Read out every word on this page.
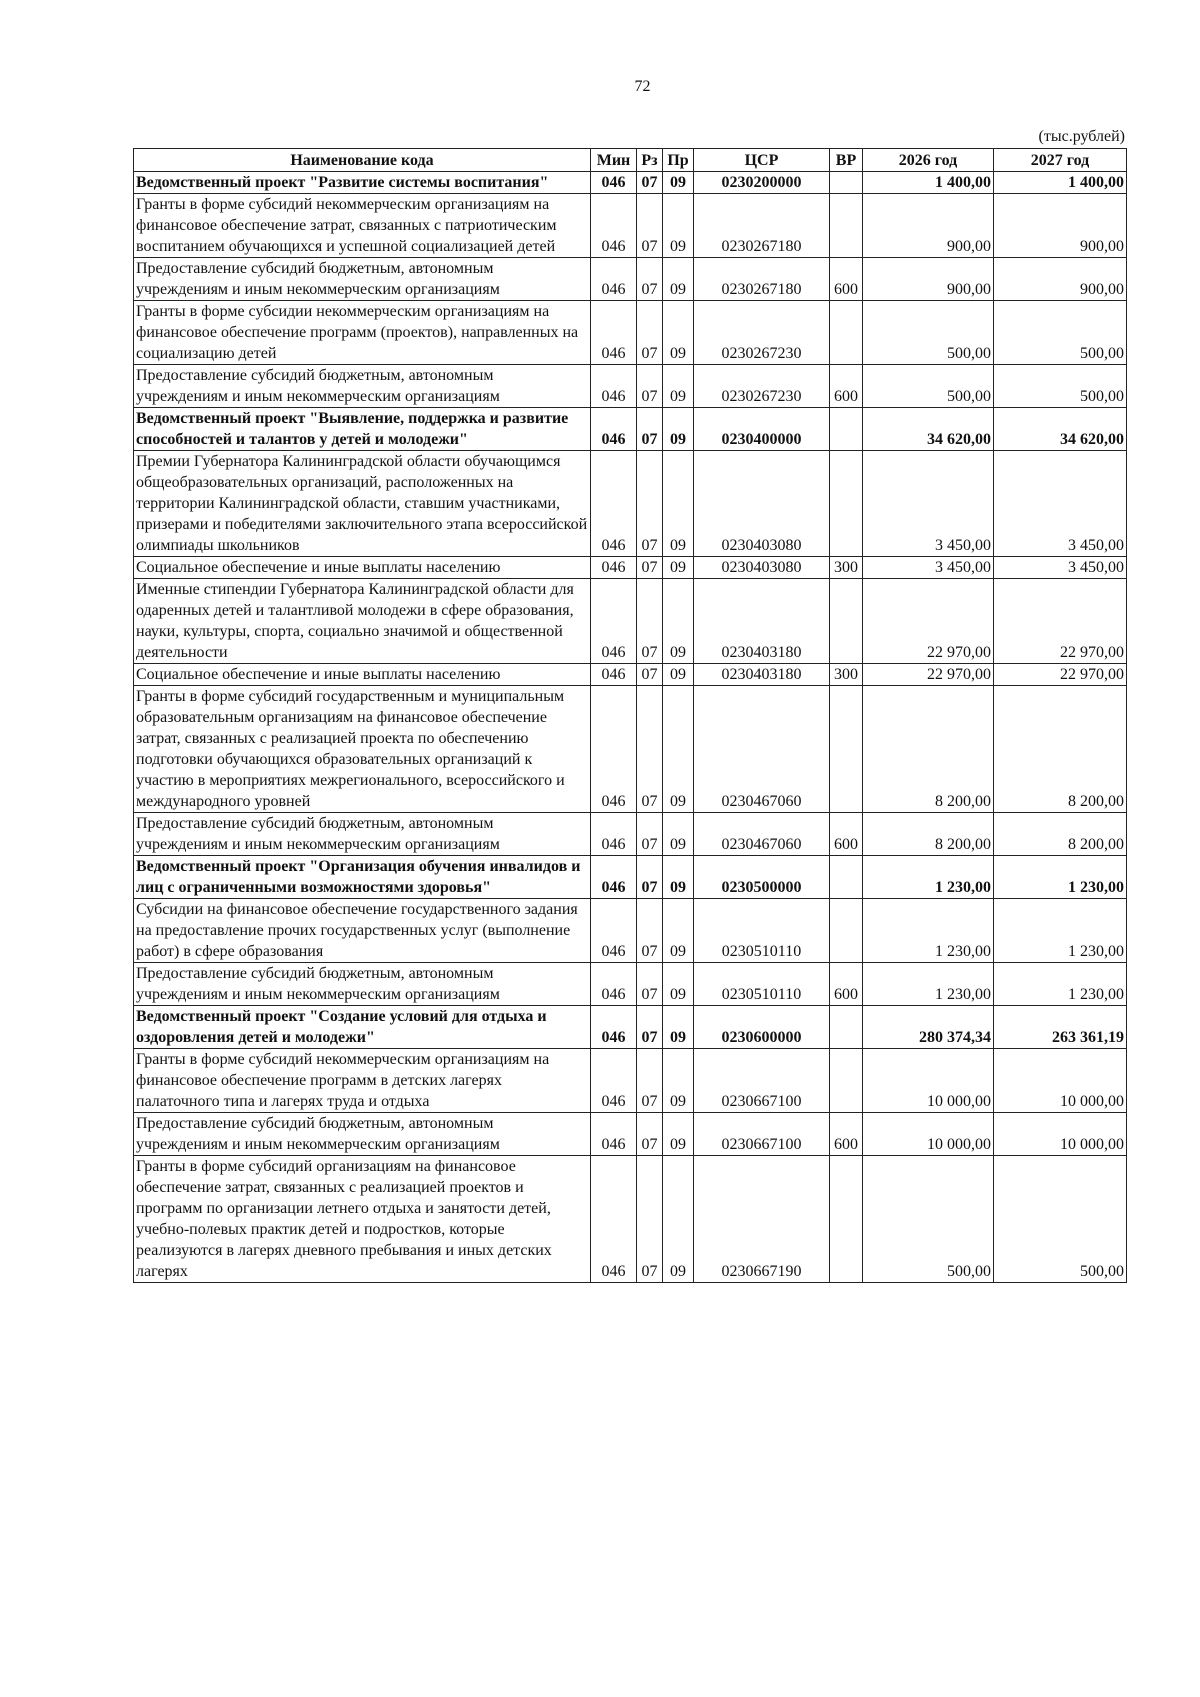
72
(тыс.рублей)
Наименование кода	Мин	Рз	Пр	ЦСР	ВР	2026 год	2027 год
Ведомственный проект "Развитие системы воспитания"	046	07	09	0230200000		1 400,00	1 400,00
Гранты в форме субсидий некоммерческим организациям на финансовое обеспечение затрат, связанных с патриотическим воспитанием обучающихся и успешной социализацией детей	046	07	09	0230267180		900,00	900,00
Предоставление субсидий бюджетным, автономным учреждениям и иным некоммерческим организациям	046	07	09	0230267180	600	900,00	900,00
Гранты в форме субсидии некоммерческим организациям на финансовое обеспечение программ (проектов), направленных на социализацию детей	046	07	09	0230267230		500,00	500,00
Предоставление субсидий бюджетным, автономным учреждениям и иным некоммерческим организациям	046	07	09	0230267230	600	500,00	500,00
Ведомственный проект "Выявление, поддержка и развитие способностей и талантов у детей и молодежи"	046	07	09	0230400000		34 620,00	34 620,00
Премии Губернатора Калининградской области обучающимся общеобразовательных организаций, расположенных на территории Калининградской области, ставшим участниками, призерами и победителями заключительного этапа всероссийской олимпиады школьников	046	07	09	0230403080		3 450,00	3 450,00
Социальное обеспечение и иные выплаты населению	046	07	09	0230403080	300	3 450,00	3 450,00
Именные стипендии Губернатора Калининградской области для одаренных детей и талантливой молодежи в сфере образования, науки, культуры, спорта, социально значимой и общественной деятельности	046	07	09	0230403180		22 970,00	22 970,00
Социальное обеспечение и иные выплаты населению	046	07	09	0230403180	300	22 970,00	22 970,00
Гранты в форме субсидий государственным и муниципальным образовательным организациям на финансовое обеспечение затрат, связанных с реализацией проекта по обеспечению подготовки обучающихся образовательных организаций к участию в мероприятиях межрегионального, всероссийского и международного уровней	046	07	09	0230467060		8 200,00	8 200,00
Предоставление субсидий бюджетным, автономным учреждениям и иным некоммерческим организациям	046	07	09	0230467060	600	8 200,00	8 200,00
Ведомственный проект "Организация обучения инвалидов и лиц с ограниченными возможностями здоровья"	046	07	09	0230500000		1 230,00	1 230,00
Субсидии на финансовое обеспечение государственного задания на предоставление прочих государственных услуг (выполнение работ) в сфере образования	046	07	09	0230510110		1 230,00	1 230,00
Предоставление субсидий бюджетным, автономным учреждениям и иным некоммерческим организациям	046	07	09	0230510110	600	1 230,00	1 230,00
Ведомственный проект "Создание условий для отдыха и оздоровления детей и молодежи"	046	07	09	0230600000		280 374,34	263 361,19
Гранты в форме субсидий некоммерческим организациям на финансовое обеспечение программ в детских лагерях палаточного типа и лагерях труда и отдыха	046	07	09	0230667100		10 000,00	10 000,00
Предоставление субсидий бюджетным, автономным учреждениям и иным некоммерческим организациям	046	07	09	0230667100	600	10 000,00	10 000,00
Гранты в форме субсидий организациям на финансовое обеспечение затрат, связанных с реализацией проектов и программ по организации летнего отдыха и занятости детей, учебно-полевых практик детей и подростков, которые реализуются в лагерях дневного пребывания и иных детских лагерях	046	07	09	0230667190		500,00	500,00
